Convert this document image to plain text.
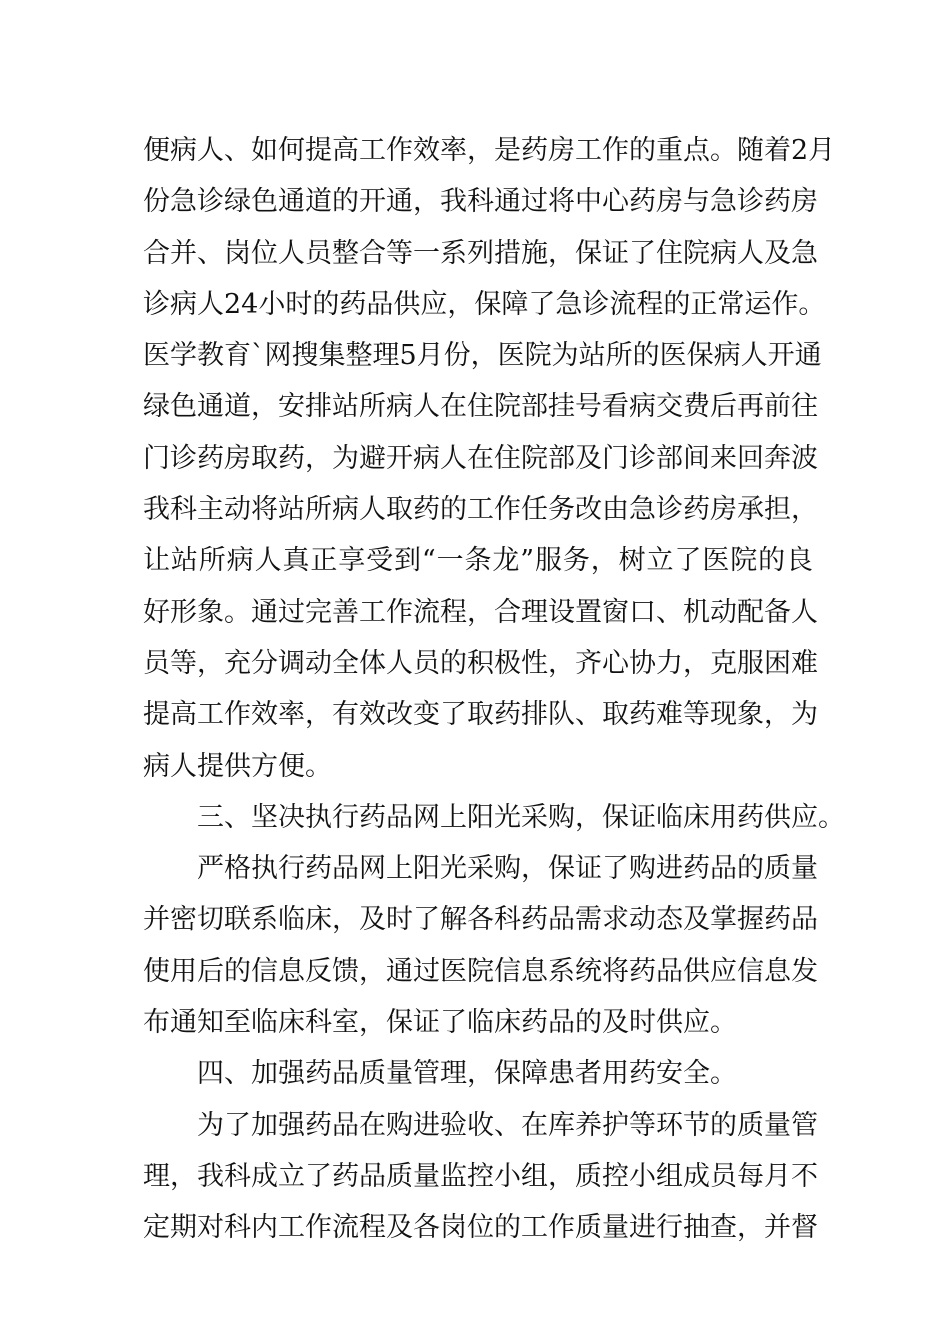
便病人、如何提高工作效率，是药房工作的重点。随着2月
份急诊绿色通道的开通，我科通过将中心药房与急诊药房
合并、岗位人员整合等一系列措施，保证了住院病人及急
诊病人24小时的药品供应，保障了急诊流程的正常运作。
医学教育`网搜集整理5月份，医院为站所的医保病人开通
绿色通道，安排站所病人在住院部挂号看病交费后再前往
门诊药房取药，为避开病人在住院部及门诊部间来回奔波
我科主动将站所病人取药的工作任务改由急诊药房承担，
让站所病人真正享受到“一条龙”服务，树立了医院的良
好形象。通过完善工作流程，合理设置窗口、机动配备人
员等，充分调动全体人员的积极性，齐心协力，克服困难
提高工作效率，有效改变了取药排队、取药难等现象，为
病人提供方便。
三、坚决执行药品网上阳光采购，保证临床用药供应。
严格执行药品网上阳光采购，保证了购进药品的质量
并密切联系临床，及时了解各科药品需求动态及掌握药品
使用后的信息反馈，通过医院信息系统将药品供应信息发
布通知至临床科室，保证了临床药品的及时供应。
四、加强药品质量管理，保障患者用药安全。
为了加强药品在购进验收、在库养护等环节的质量管
理，我科成立了药品质量监控小组，质控小组成员每月不
定期对科内工作流程及各岗位的工作质量进行抽查，并督
